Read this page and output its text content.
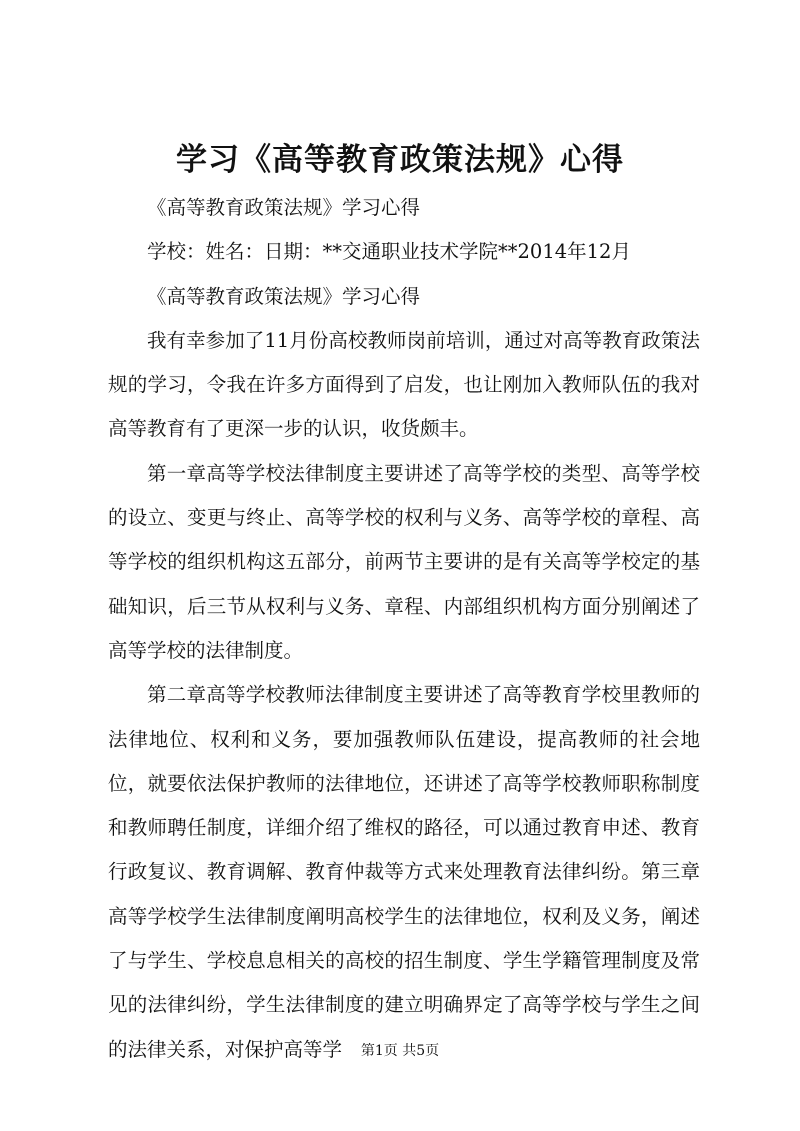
学习《高等教育政策法规》心得

《高等教育政策法规》学习心得

学校：姓名：日期：**交通职业技术学院**2014年12月

《高等教育政策法规》学习心得

我有幸参加了11月份高校教师岗前培训，通过对高等教育政策法规的学习，令我在许多方面得到了启发，也让刚加入教师队伍的我对高等教育有了更深一步的认识，收货颇丰。

第一章高等学校法律制度主要讲述了高等学校的类型、高等学校的设立、变更与终止、高等学校的权利与义务、高等学校的章程、高等学校的组织机构这五部分，前两节主要讲的是有关高等学校定的基础知识，后三节从权利与义务、章程、内部组织机构方面分别阐述了高等学校的法律制度。

第二章高等学校教师法律制度主要讲述了高等教育学校里教师的法律地位、权利和义务，要加强教师队伍建设，提高教师的社会地位，就要依法保护教师的法律地位，还讲述了高等学校教师职称制度和教师聘任制度，详细介绍了维权的路径，可以通过教育申述、教育行政复议、教育调解、教育仲裁等方式来处理教育法律纠纷。第三章高等学校学生法律制度阐明高校学生的法律地位，权利及义务，阐述了与学生、学校息息相关的高校的招生制度、学生学籍管理制度及常见的法律纠纷，学生法律制度的建立明确界定了高等学校与学生之间的法律关系，对保护高等学	第1页 共5页
